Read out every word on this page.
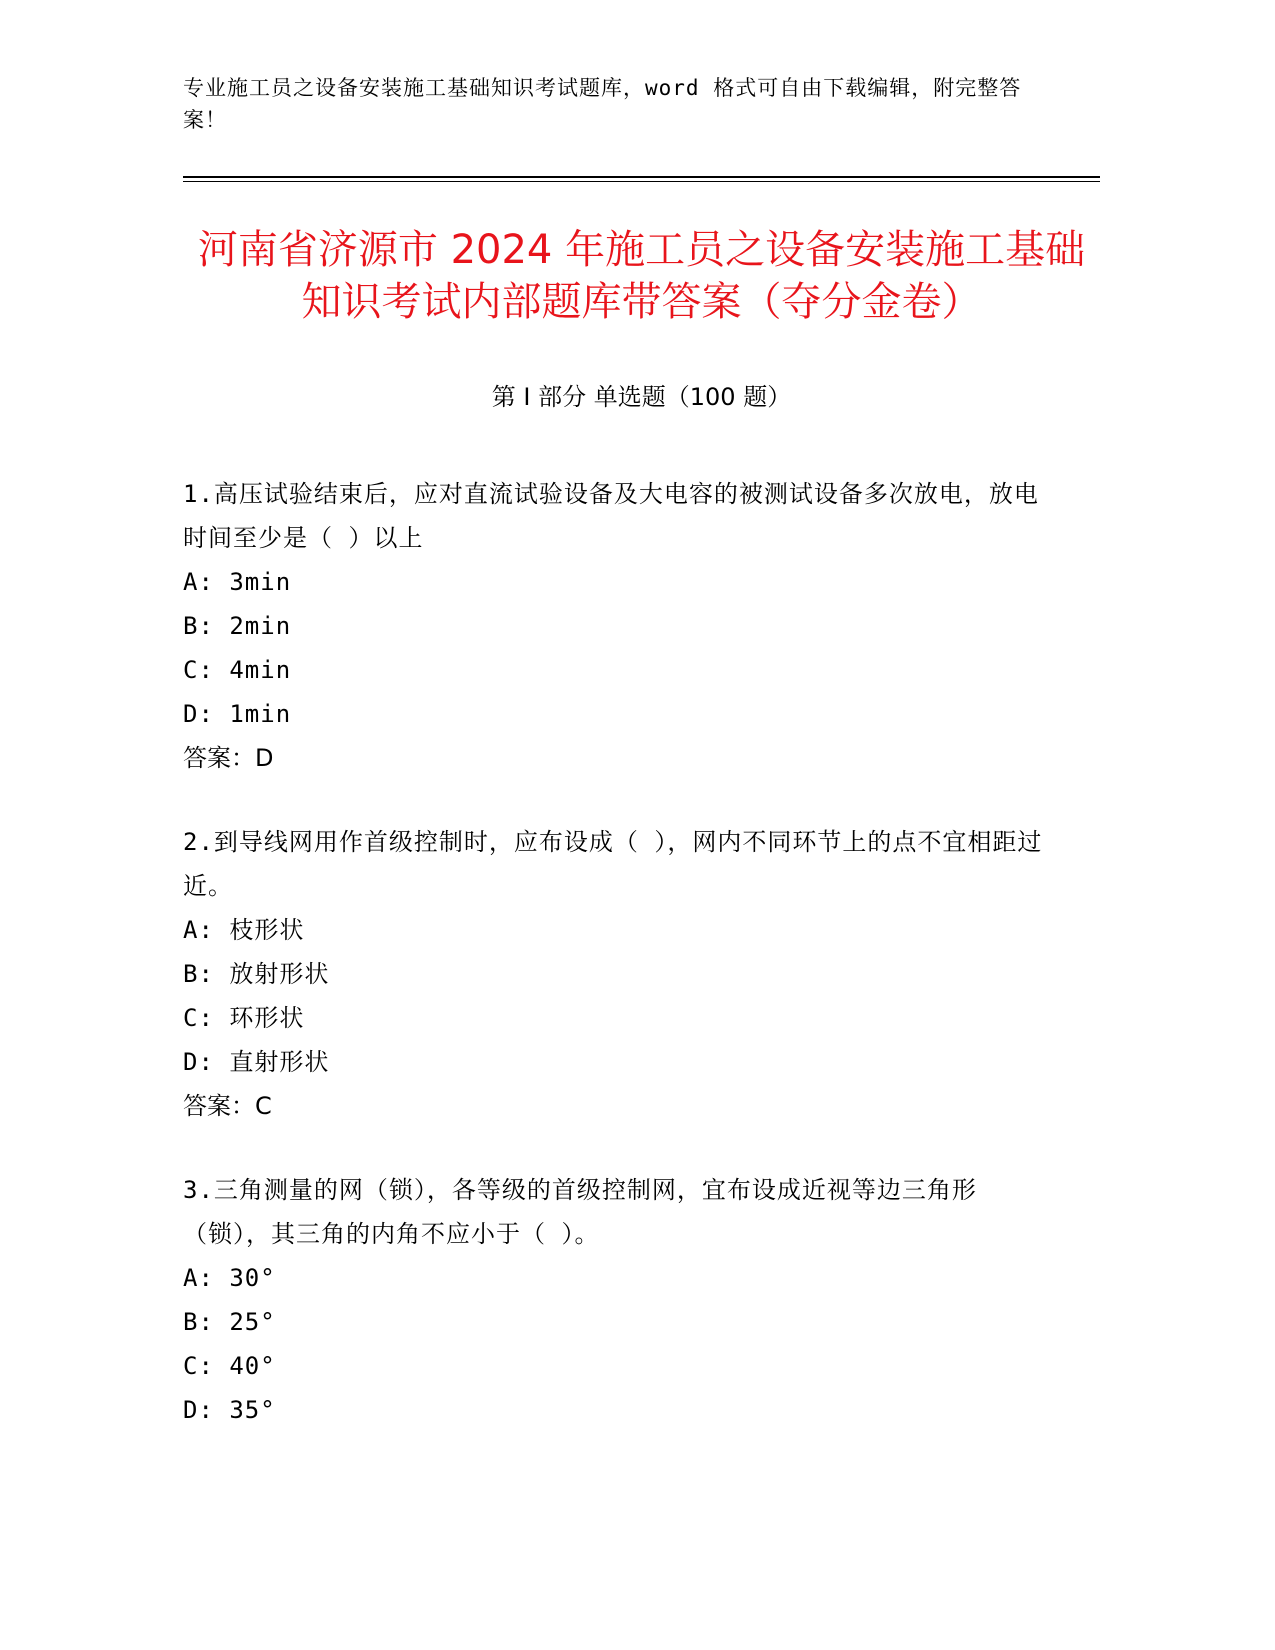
专业施工员之设备安装施工基础知识考试题库，word 格式可自由下载编辑，附完整答案！
河南省济源市 2024 年施工员之设备安装施工基础知识考试内部题库带答案（夺分金卷）
第 I 部分 单选题（100 题）
1.高压试验结束后，应对直流试验设备及大电容的被测试设备多次放电，放电时间至少是（ ）以上
A: 3min
B: 2min
C: 4min
D: 1min
答案：D
2.到导线网用作首级控制时，应布设成（ ），网内不同环节上的点不宜相距过近。
A: 枝形状
B: 放射形状
C: 环形状
D: 直射形状
答案：C
3.三角测量的网（锁），各等级的首级控制网，宜布设成近视等边三角形（锁），其三角的内角不应小于（ ）。
A: 30°
B: 25°
C: 40°
D: 35°
